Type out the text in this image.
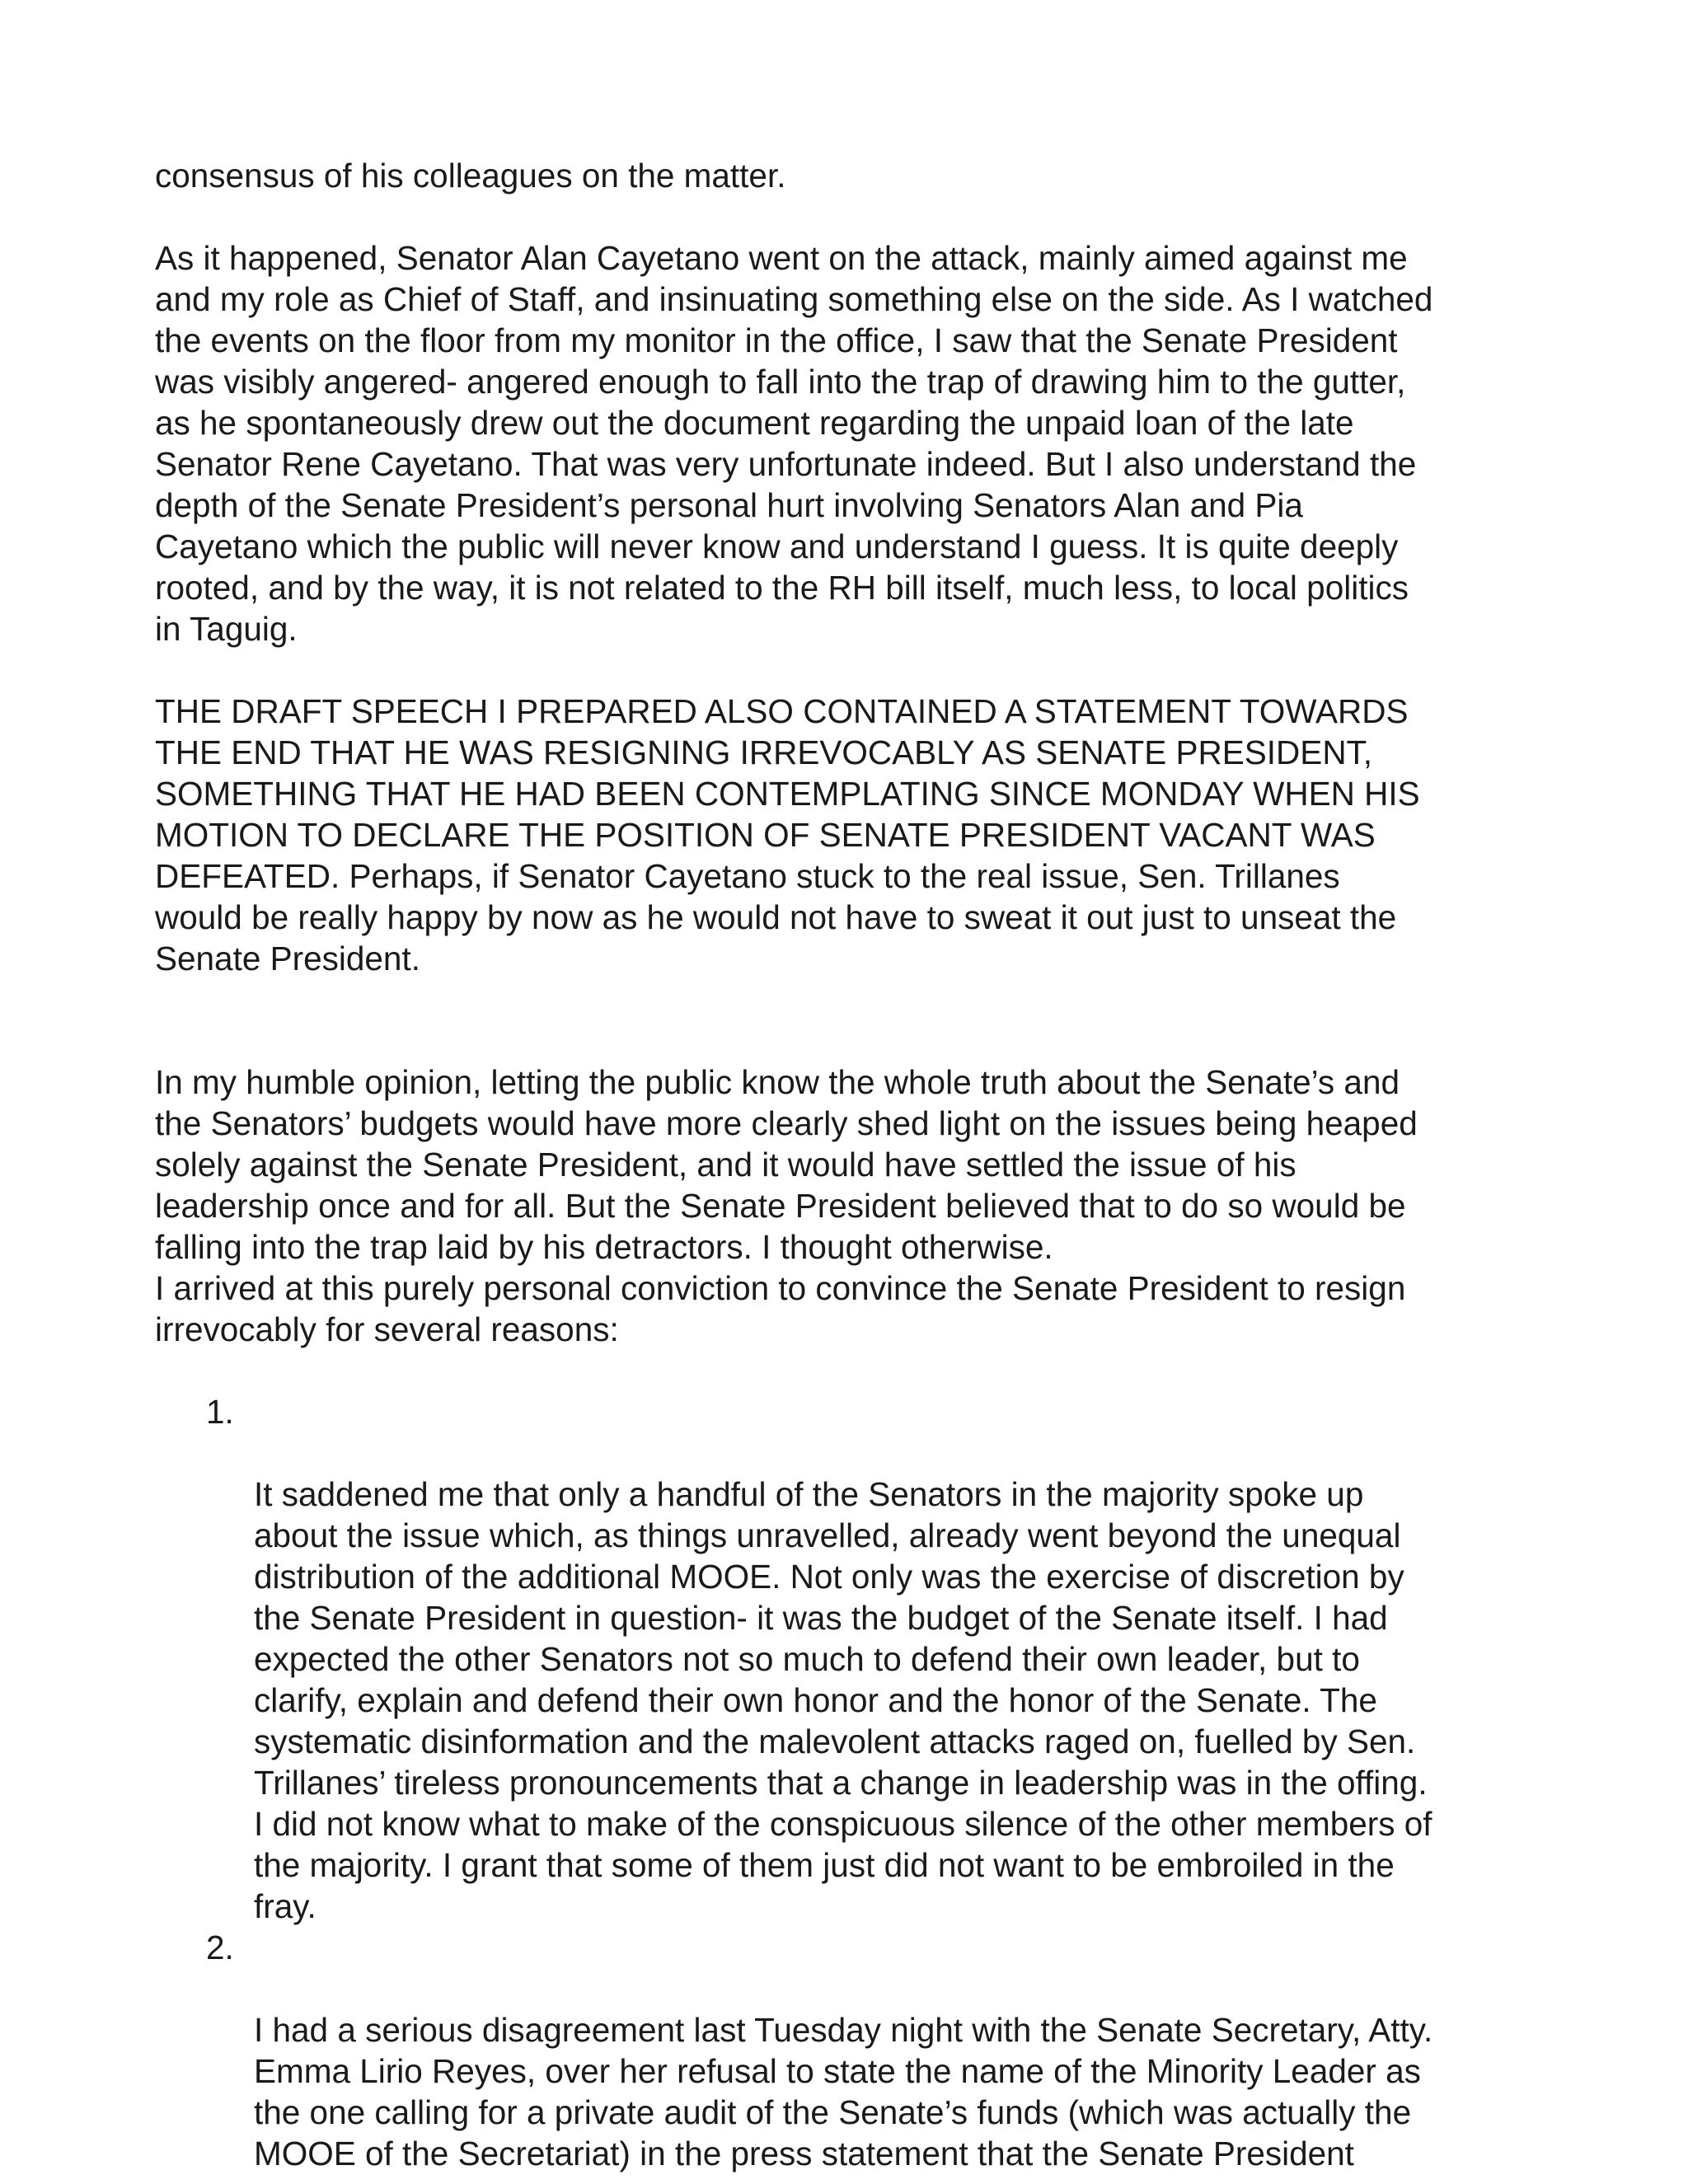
consensus of his colleagues on the matter.

As it happened, Senator Alan Cayetano went on the attack, mainly aimed against me
and my role as Chief of Staff, and insinuating something else on the side. As I watched
the events on the floor from my monitor in the office, I saw that the Senate President
was visibly angered- angered enough to fall into the trap of drawing him to the gutter,
as he spontaneously drew out the document regarding the unpaid loan of the late
Senator Rene Cayetano. That was very unfortunate indeed. But I also understand the
depth of the Senate President’s personal hurt involving Senators Alan and Pia
Cayetano which the public will never know and understand I guess. It is quite deeply
rooted, and by the way, it is not related to the RH bill itself, much less, to local politics
in Taguig.

THE DRAFT SPEECH I PREPARED ALSO CONTAINED A STATEMENT TOWARDS
THE END THAT HE WAS RESIGNING IRREVOCABLY AS SENATE PRESIDENT,
SOMETHING THAT HE HAD BEEN CONTEMPLATING SINCE MONDAY WHEN HIS
MOTION TO DECLARE THE POSITION OF SENATE PRESIDENT VACANT WAS
DEFEATED. Perhaps, if Senator Cayetano stuck to the real issue, Sen. Trillanes
would be really happy by now as he would not have to sweat it out just to unseat the
Senate President.

In my humble opinion, letting the public know the whole truth about the Senate’s and
the Senators’ budgets would have more clearly shed light on the issues being heaped
solely against the Senate President, and it would have settled the issue of his
leadership once and for all. But the Senate President believed that to do so would be
falling into the trap laid by his detractors. I thought otherwise.

I arrived at this purely personal conviction to convince the Senate President to resign
irrevocably for several reasons:

1.

It saddened me that only a handful of the Senators in the majority spoke up
about the issue which, as things unravelled, already went beyond the unequal
distribution of the additional MOOE. Not only was the exercise of discretion by
the Senate President in question- it was the budget of the Senate itself. I had
expected the other Senators not so much to defend their own leader, but to
clarify, explain and defend their own honor and the honor of the Senate. The
systematic disinformation and the malevolent attacks raged on, fuelled by Sen.
Trillanes’ tireless pronouncements that a change in leadership was in the offing.
I did not know what to make of the conspicuous silence of the other members of
the majority. I grant that some of them just did not want to be embroiled in the
fray.

2.

I had a serious disagreement last Tuesday night with the Senate Secretary, Atty.
Emma Lirio Reyes, over her refusal to state the name of the Minority Leader as
the one calling for a private audit of the Senate’s funds (which was actually the
MOOE of the Secretariat) in the press statement that the Senate President
